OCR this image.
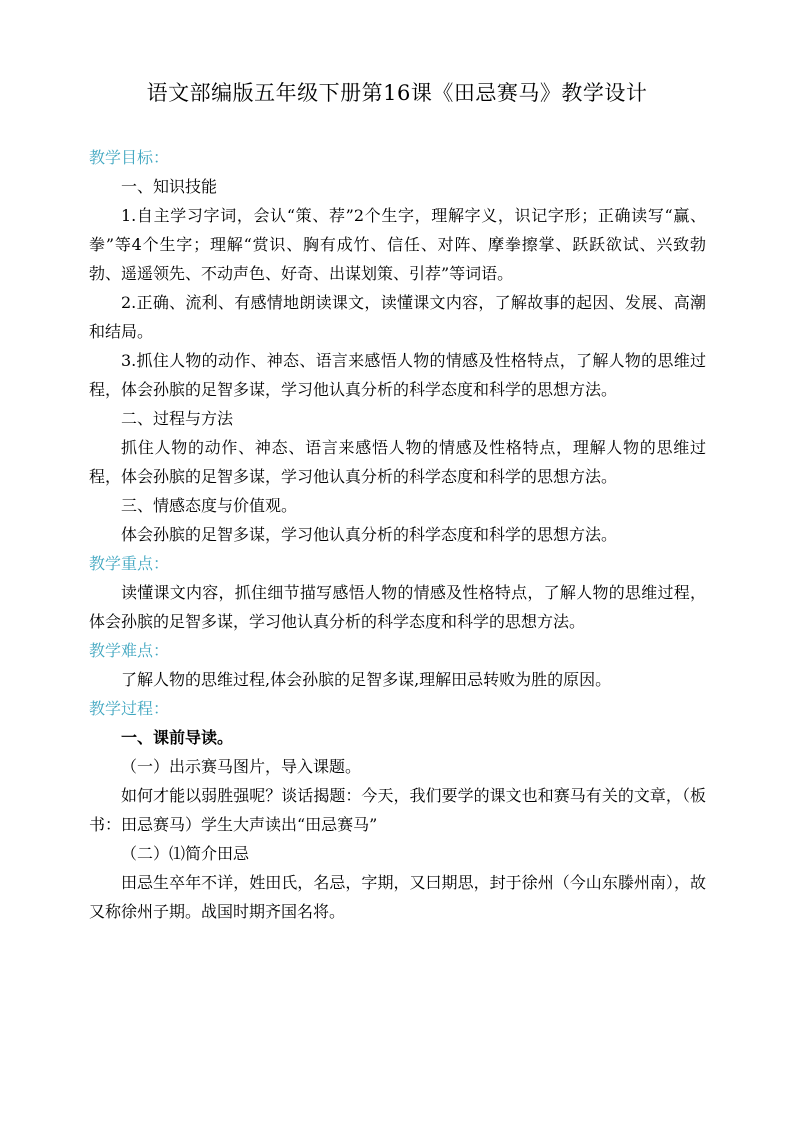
语文部编版五年级下册第16课《田忌赛马》教学设计
教学目标：
一、知识技能
1.自主学习字词，会认“策、荐”2个生字，理解字义，识记字形；正确读写“赢、拳”等4个生字；理解“赏识、胸有成竹、信任、对阵、摩拳擦掌、跃跃欲试、兴致勃勃、遥遥领先、不动声色、好奇、出谋划策、引荐”等词语。
2.正确、流利、有感情地朗读课文，读懂课文内容，了解故事的起因、发展、高潮和结局。
3.抓住人物的动作、神态、语言来感悟人物的情感及性格特点，了解人物的思维过程，体会孙膑的足智多谋，学习他认真分析的科学态度和科学的思想方法。
二、过程与方法
抓住人物的动作、神态、语言来感悟人物的情感及性格特点，理解人物的思维过程，体会孙膑的足智多谋，学习他认真分析的科学态度和科学的思想方法。
三、情感态度与价值观。
体会孙膑的足智多谋，学习他认真分析的科学态度和科学的思想方法。
教学重点：
读懂课文内容，抓住细节描写感悟人物的情感及性格特点，了解人物的思维过程，体会孙膑的足智多谋，学习他认真分析的科学态度和科学的思想方法。
教学难点：
了解人物的思维过程,体会孙膑的足智多谋,理解田忌转败为胜的原因。
教学过程：
一、课前导读。
（一）出示赛马图片，导入课题。
如何才能以弱胜强呢？谈话揭题：今天，我们要学的课文也和赛马有关的文章，（板书：田忌赛马）学生大声读出“田忌赛马”
（二）⑴简介田忌
田忌生卒年不详，姓田氏，名忌，字期，又曰期思，封于徐州（今山东滕州南），故又称徐州子期。战国时期齐国名将。
